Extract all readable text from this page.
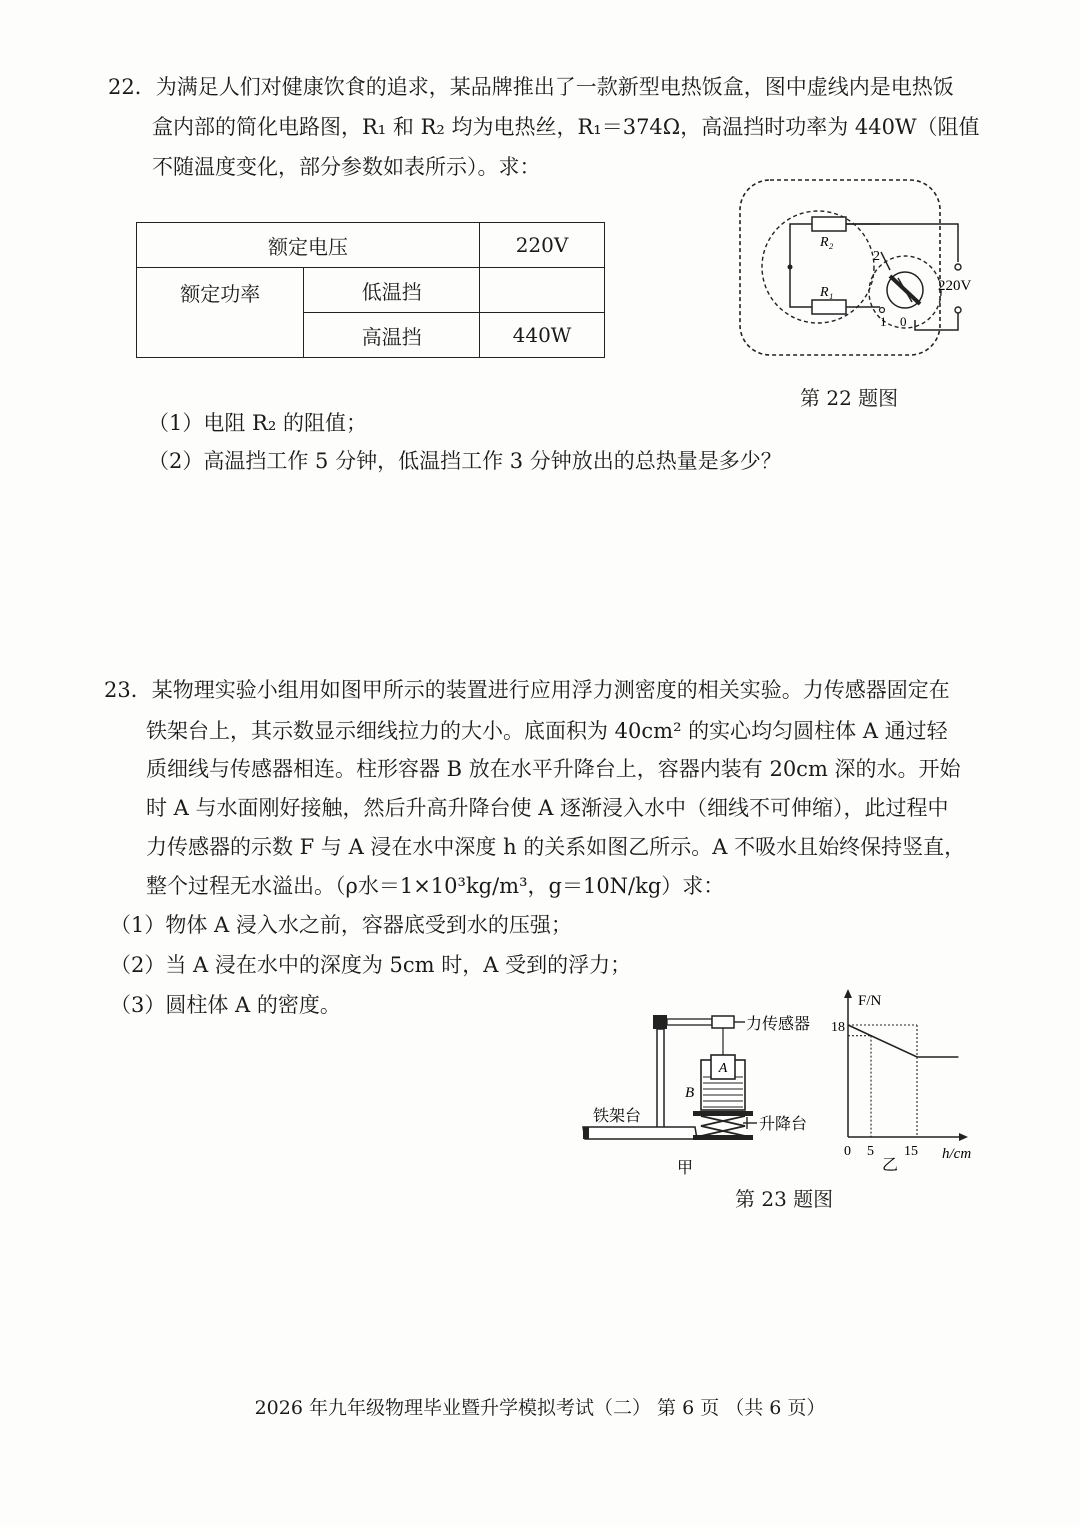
22．为满足人们对健康饮食的追求，某品牌推出了一款新型电热饭盒，图中虚线内是电热饭
盒内部的简化电路图，R₁ 和 R₂ 均为电热丝，R₁＝374Ω，高温挡时功率为 440W（阻值
不随温度变化，部分参数如表所示）。求：
额定电压		220V
额定功率	低温挡	
	高温挡	440W
R₂
R₁
2
1 0
220V
第 22 题图
（1）电阻 R₂ 的阻值；
（2）高温挡工作 5 分钟，低温挡工作 3 分钟放出的总热量是多少？
23．某物理实验小组用如图甲所示的装置进行应用浮力测密度的相关实验。力传感器固定在
铁架台上，其示数显示细线拉力的大小。底面积为 40cm² 的实心均匀圆柱体 A 通过轻
质细线与传感器相连。柱形容器 B 放在水平升降台上，容器内装有 20cm 深的水。开始
时 A 与水面刚好接触，然后升高升降台使 A 逐渐浸入水中（细线不可伸缩），此过程中
力传感器的示数 F 与 A 浸在水中深度 h 的关系如图乙所示。A 不吸水且始终保持竖直，
整个过程无水溢出。（ρ水＝1×10³kg/m³，g＝10N/kg）求：
（1）物体 A 浸入水之前，容器底受到水的压强；
（2）当 A 浸在水中的深度为 5cm 时，A 受到的浮力；
（3）圆柱体 A 的密度。
A
B
力传感器
铁架台	升降台
甲
F/N
18
0 5 15 h/cm
乙
第 23 题图
2026 年九年级物理毕业暨升学模拟考试（二） 第 6 页 （共 6 页）
